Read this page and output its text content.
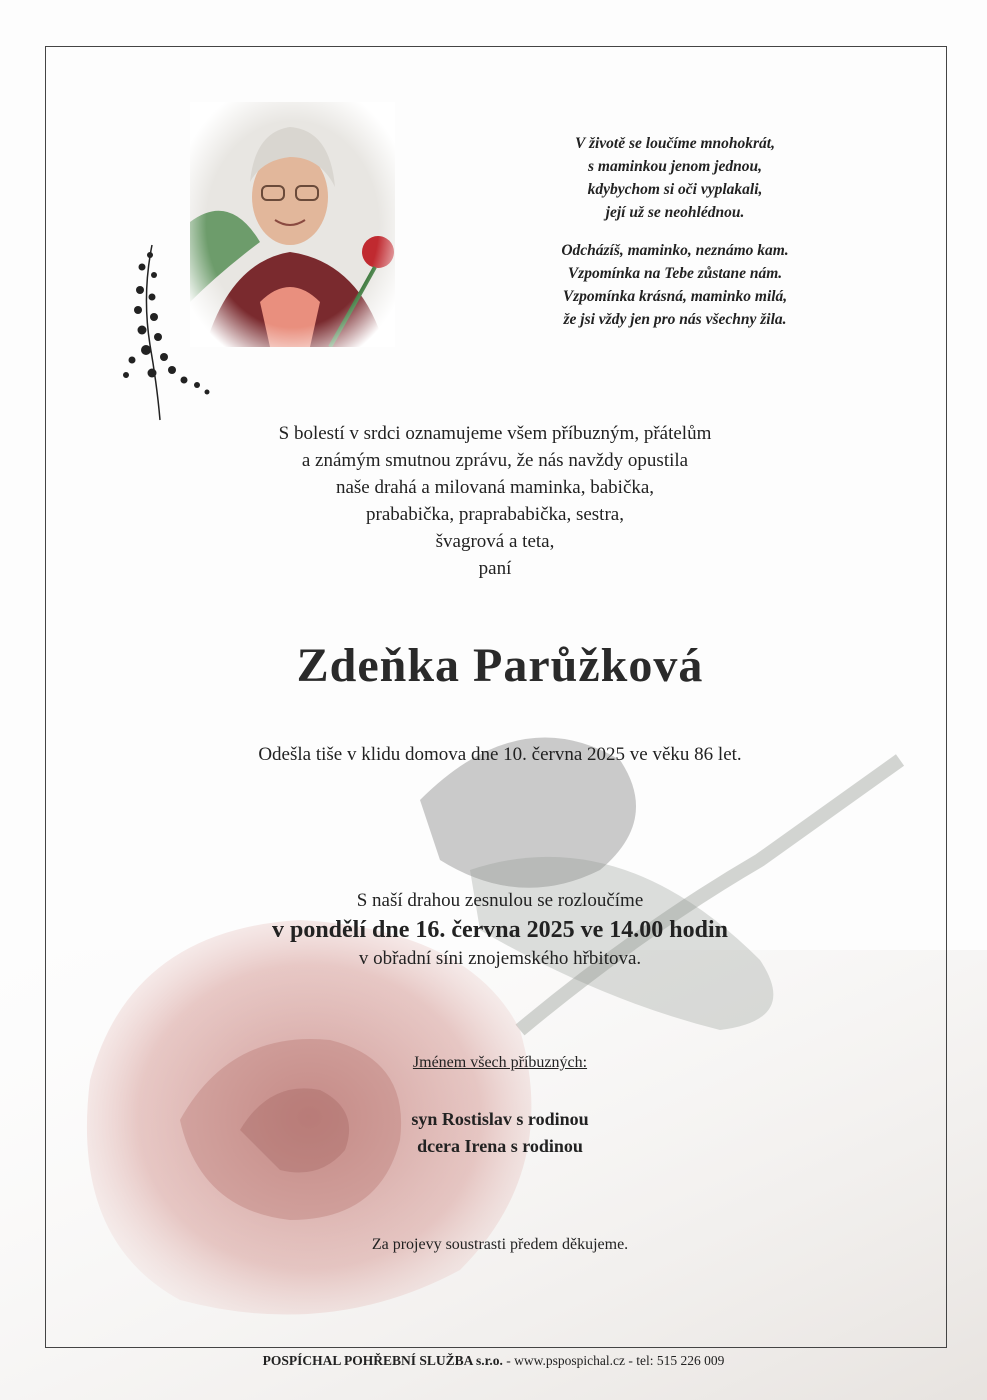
V životě se loučíme mnohokrát,
s maminkou jenom jednou,
kdybychom si oči vyplakali,
její už se neohlédnou.
Odcházíš, maminko, neznámo kam.
Vzpomínka na Tebe zůstane nám.
Vzpomínka krásná, maminko milá,
že jsi vždy jen pro nás všechny žila.
S bolestí v srdci oznamujeme všem příbuzným, přátelům
a známým smutnou zprávu, že nás navždy opustila
naše drahá a milovaná maminka, babička,
prababička, praprababička, sestra,
švagrová a teta,
paní
Zdeňka Parůžková
Odešla tiše v klidu domova dne 10. června 2025 ve věku 86 let.
S naší drahou zesnulou se rozloučíme
v pondělí dne 16. června 2025 ve 14.00 hodin
v obřadní síni znojemského hřbitova.
Jménem všech příbuzných:
syn Rostislav s rodinou
dcera Irena s rodinou
Za projevy soustrasti předem děkujeme.
POSPÍCHAL POHŘEBNÍ SLUŽBA s.r.o. - www.pspospichal.cz - tel: 515 226 009
